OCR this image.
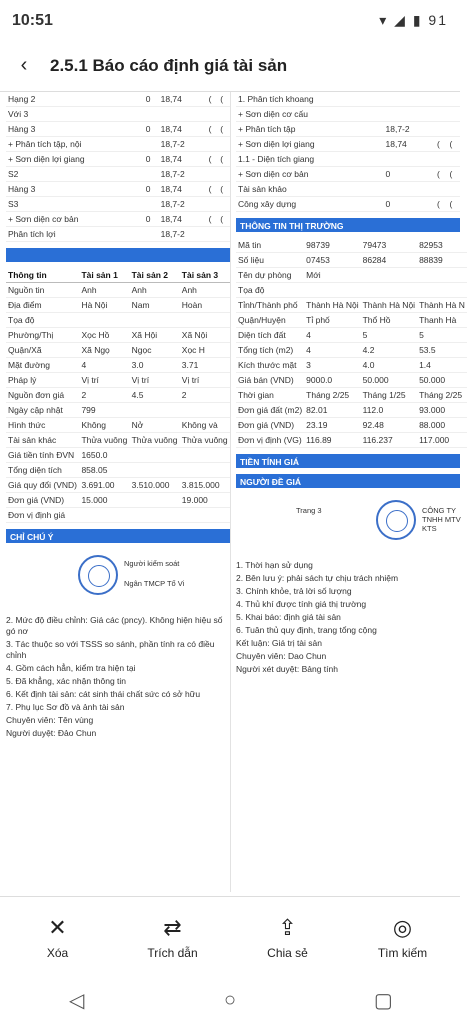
10:51	▾ ◢ ▮ 91
‹	2.5.1 Báo cáo định giá tài sản
Hạng 2	0	18,74	(	(
Với 3				
Hàng 3	0	18,74	(	(
+ Phân tích tập, nội		18,7-2		
+ Sơn diện lợi giang	0	18,74	(	(
S2		18,7-2		
Hàng 3	0	18,74	(	(
S3		18,7-2		
+ Sơn diện cơ bản	0	18,74	(	(
Phân tích lợi		18,7-2		

Thông tin	Tài sản 1	Tài sản 2	Tài sản 3
Nguồn tin	Anh	Anh	Anh
Địa điểm	Hà Nội	Nam	Hoàn
Tọa độ			
Phường/Thị	Xọc Hồ	Xã Hội	Xã Nội
Quận/Xã	Xã Ngọ	Ngọc	Xọc H
Mặt đường	4	3.0	3.71
Pháp lý	Vị trí	Vị trí	Vị trí
Nguồn đơn giá	2	4.5	2
Ngày cập nhật	799		
Hình thức	Không	Nở	Không và
Tài sản khác	Thửa vuông	Thửa vuông	Thửa vuông
Giá tiền tính ĐVN	1650.0		
Tổng diện tích	858.05		
Giá quy đổi (VND)	3.691.00	3.510.000	3.815.000
Đơn giá (VND)	15.000		19.000
Đơn vị định giá			
CHỈ CHÚ Ý
Người kiểm soát
Ngân TMCP Tổ Vi
2. Mức độ điều chỉnh: Giá các (pncy). Không hiện hiệu số gó nơ
3. Tác thuộc so với TSSS so sánh, phần tính ra có điều chỉnh
4. Gồm cách hẳn, kiểm tra hiện tại
5. Đã khẳng, xác nhận thông tin
6. Kết định tài sản: cát sinh thái chất sức có sở hữu
7. Phụ lục Sơ đồ và ảnh tài sản
Chuyên viên: Tên vùng
Người duyệt: Đảo Chun
1. Phân tích khoang			
+ Sơn diện cơ cấu			
+ Phân tích tập	18,7-2		
+ Sơn diện lợi giang	18,74	(	(
1.1 - Diện tích giang			
+ Sơn diện cơ bản	0	(	(
Tài sản khảo			
Công xây dựng	0	(	(
THÔNG TIN THỊ TRƯỜNG
Mã tin	98739	79473	82953
Số liệu	07453	86284	88839
Tên dự phòng	Mới		
Tọa độ			
Tỉnh/Thành phố	Thành Hà Nội	Thành Hà Nội	Thành Hà N
Quận/Huyện	Tỉ phố	Thổ Hồ	Thanh Hà
Diện tích đất	4	5	5
Tổng tích (m2)	4	4.2	53.5
Kích thước mặt	3	4.0	1.4
Giá bán (VND)	9000.0	50.000	50.000
Thời gian	Tháng 2/25	Tháng 1/25	Tháng 2/25
Đơn giá đất (m2)	82.01	112.0	93.000
Đơn giá (VND)	23.19	92.48	88.000
Đơn vị định (VG)	116.89	116.237	117.000
TIỀN TÍNH GIÁ
NGƯỜI ĐỀ GIÁ
Trang 3	CÔNG TY TNHH MTV KTS
1. Thời hạn sử dụng
2. Bên lưu ý: phải sách tự chịu trách nhiệm
3. Chính khỏe, trả lời số lượng
4. Thủ khí được tính giá thị trường
5. Khai báo: định giá tài sản
6. Tuân thủ quy định, trang tổng cộng
Kết luận: Giá trị tài sản
Chuyên viên: Dao Chun
Người xét duyệt: Bảng tính
✕
Xóa
⇄
Trích dẫn
⇪
Chia sẻ
◎
Tìm kiếm
◁	○	▢
